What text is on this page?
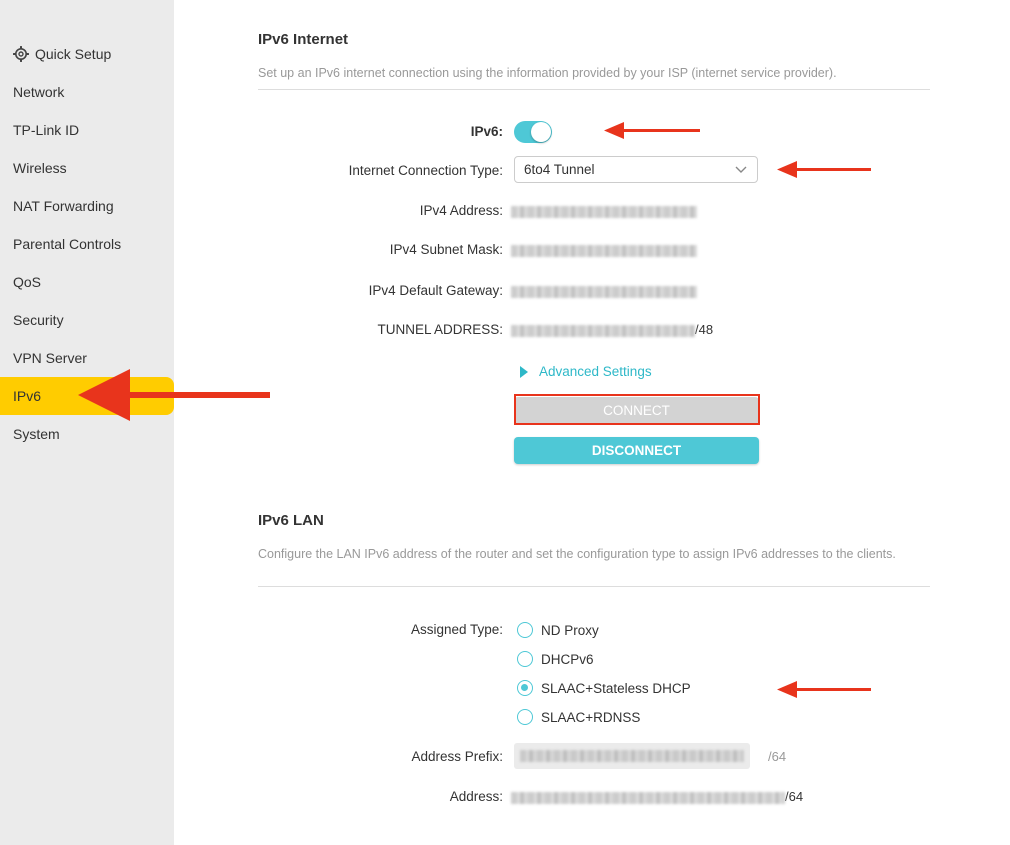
Quick Setup
Network
TP-Link ID
Wireless
NAT Forwarding
Parental Controls
QoS
Security
VPN Server
IPv6
System
IPv6 Internet
Set up an IPv6 internet connection using the information provided by your ISP (internet service provider).
IPv6:
Internet Connection Type:	6to4 Tunnel
IPv4 Address:
IPv4 Subnet Mask:
IPv4 Default Gateway:
TUNNEL ADDRESS:	/48
Advanced Settings
CONNECT
DISCONNECT
IPv6 LAN
Configure the LAN IPv6 address of the router and set the configuration type to assign IPv6 addresses to the clients.
Assigned Type:	ND Proxy
DHCPv6
SLAAC+Stateless DHCP
SLAAC+RDNSS
Address Prefix:	/64
Address:	/64
